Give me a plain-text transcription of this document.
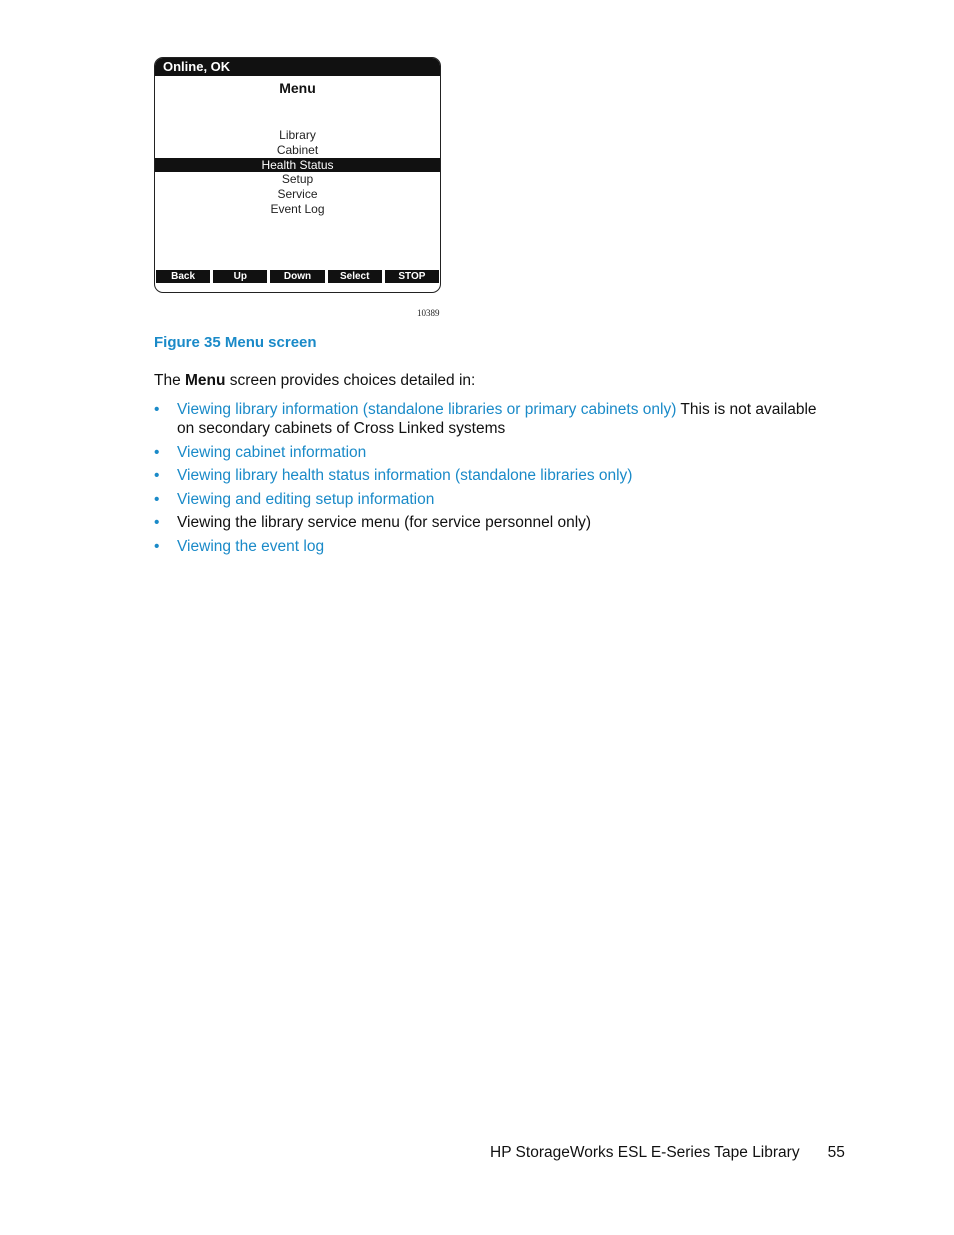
Online, OK
Menu
Library
Cabinet
Health Status
Setup
Service
Event Log
Back	Up	Down	Select	STOP
10389
Figure 35 Menu screen
The Menu screen provides choices detailed in:
• Viewing library information (standalone libraries or primary cabinets only) This is not available on secondary cabinets of Cross Linked systems
• Viewing cabinet information
• Viewing library health status information (standalone libraries only)
• Viewing and editing setup information
• Viewing the library service menu (for service personnel only)
• Viewing the event log
HP StorageWorks ESL E-Series Tape Library 55
